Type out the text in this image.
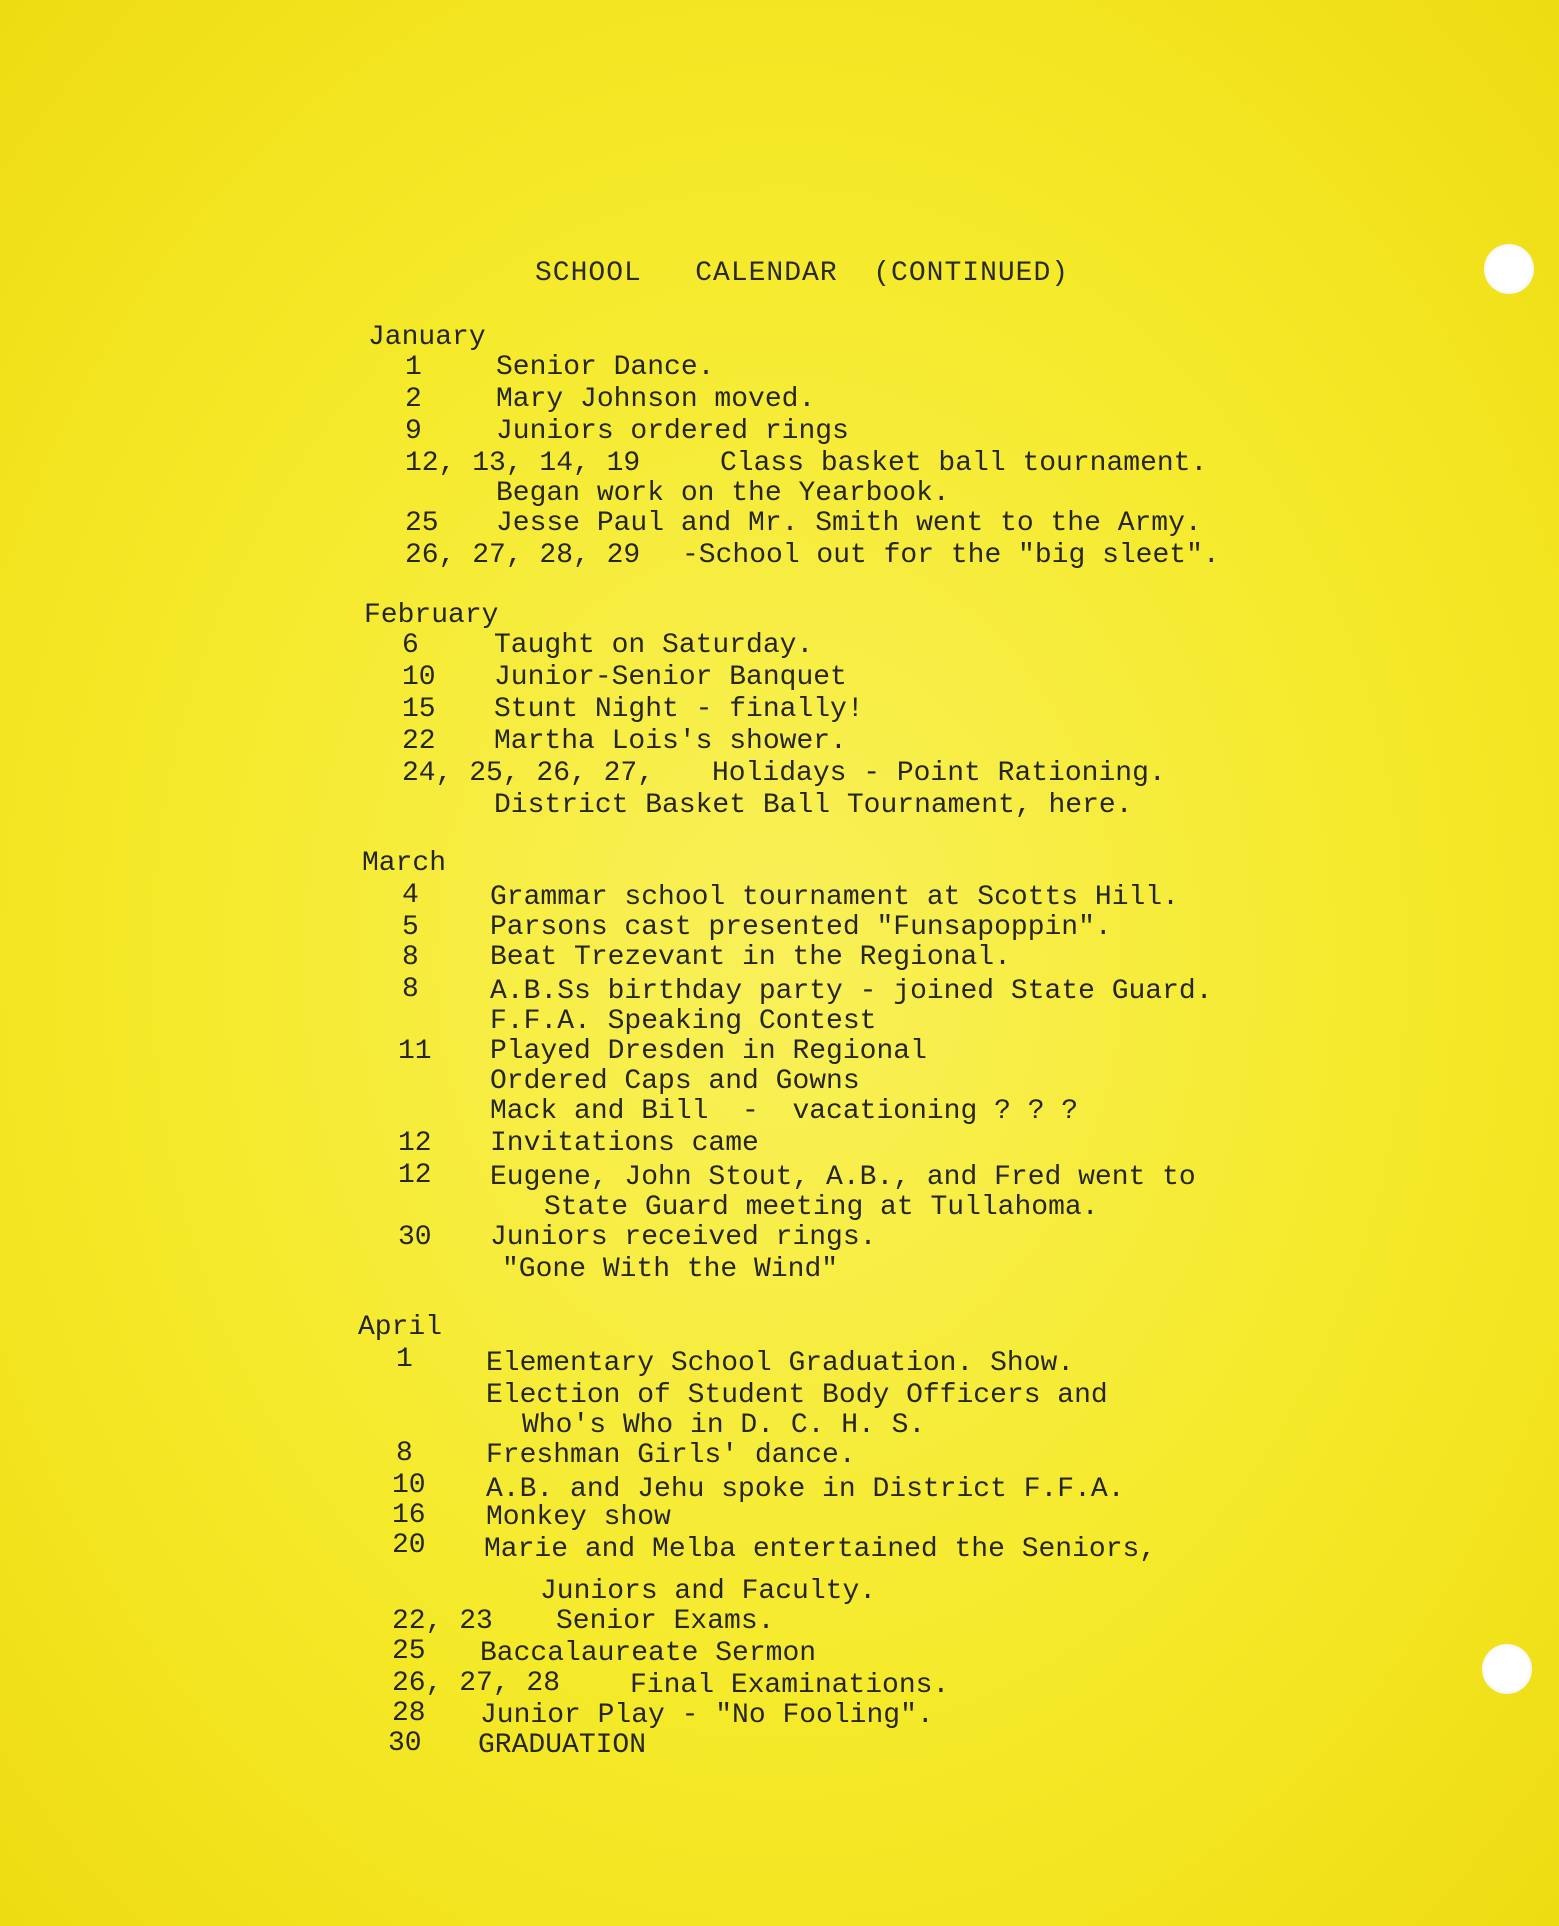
SCHOOL   CALENDAR  (CONTINUED)
January
1	Senior Dance.
2	Mary Johnson moved.
9	Juniors ordered rings
12, 13, 14, 19	Class basket ball tournament.
Began work on the Yearbook.
25 Jesse Paul and Mr. Smith went to the Army.
26, 27, 28, 29 -School out for the "big sleet".
February
6	Taught on Saturday.
10 Junior-Senior Banquet
15 Stunt Night - finally!
22 Martha Lois's shower.
24, 25, 26, 27, Holidays - Point Rationing.
District Basket Ball Tournament, here.
March
4	Grammar school tournament at Scotts Hill.
5	Parsons cast presented "Funsapoppin".
8	Beat Trezevant in the Regional.
8	A.B.Ss birthday party - joined State Guard.
F.F.A. Speaking Contest
11 Played Dresden in Regional
Ordered Caps and Gowns
Mack and Bill  -  vacationing ? ? ?
12 Invitations came
12 Eugene, John Stout, A.B., and Fred went to
State Guard meeting at Tullahoma.
30 Juniors received rings.
"Gone With the Wind"
April
1	Elementary School Graduation. Show.
Election of Student Body Officers and
Who's Who in D. C. H. S.
8	Freshman Girls' dance.
10 A.B. and Jehu spoke in District F.F.A.
16 Monkey show
20 Marie and Melba entertained the Seniors,
Juniors and Faculty.
22, 23 Senior Exams.
25 Baccalaureate Sermon
26, 27, 28 Final Examinations.
28 Junior Play - "No Fooling".
30 GRADUATION
